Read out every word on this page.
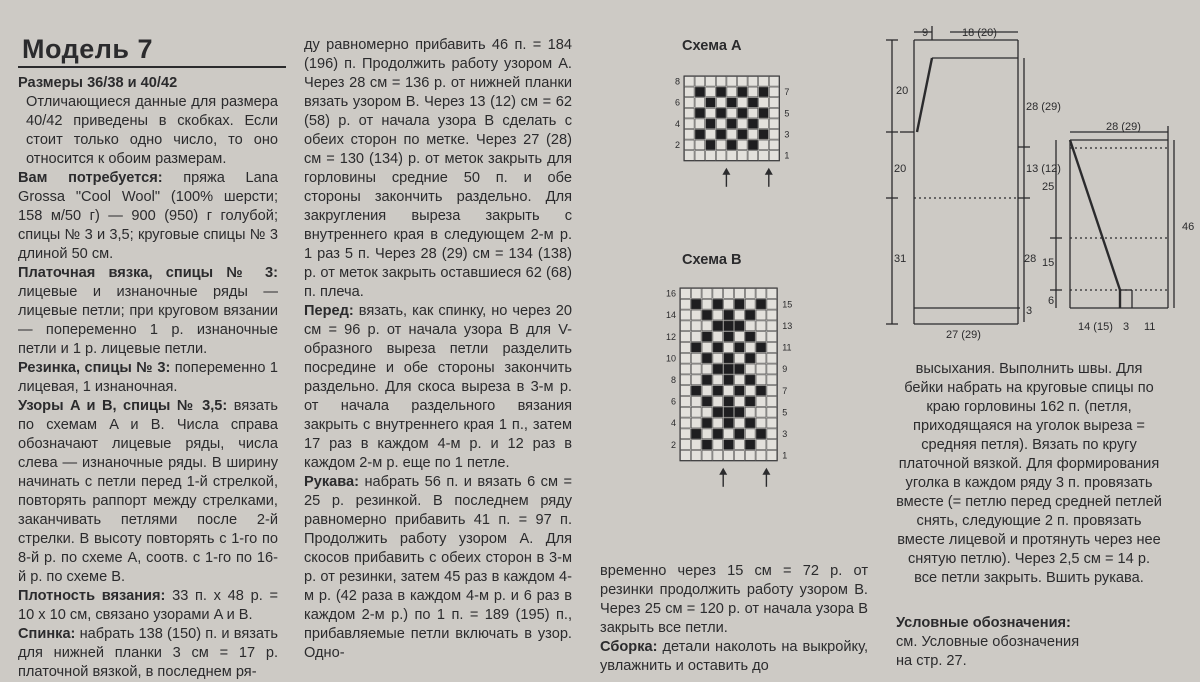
Модель 7

Размеры 36/38 и 40/42

Отличающиеся данные для размера 40/42 приведены в скобках. Если стоит только одно число, то оно относится к обоим размерам.

Вам потребуется: пряжа Lana Grossa "Cool Wool" (100% шерсти; 158 м/50 г) — 900 (950) г голубой; спицы № 3 и 3,5; круговые спицы № 3 длиной 50 см.

Платочная вязка, спицы № 3: лицевые и изнаночные ряды — лицевые петли; при круговом вязании — попеременно 1 р. изнаночные петли и 1 р. лицевые петли.

Резинка, спицы № 3: попеременно 1 лицевая, 1 изнаночная.

Узоры A и B, спицы № 3,5: вязать по схемам A и B. Числа справа обозначают лицевые ряды, числа слева — изнаночные ряды. В ширину начинать с петли перед 1-й стрелкой, повторять раппорт между стрелками, заканчивать петлями после 2-й стрелки. В высоту повторять с 1-го по 8-й р. по схеме A, соотв. с 1-го по 16-й р. по схеме B.

Плотность вязания: 33 п. х 48 р. = 10 х 10 см, связано узорами A и B.

Спинка: набрать 138 (150) п. и вязать для нижней планки 3 см = 17 р. платочной вязкой, в последнем ря-

ду равномерно прибавить 46 п. = 184 (196) п. Продолжить работу узором A. Через 28 см = 136 р. от нижней планки вязать узором B. Через 13 (12) см = 62 (58) р. от начала узора B сделать с обеих сторон по метке. Через 27 (28) см = 130 (134) р. от меток закрыть для горловины средние 50 п. и обе стороны закончить раздельно. Для закругления выреза закрыть с внутреннего края в следующем 2-м р. 1 раз 5 п. Через 28 (29) см = 134 (138) р. от меток закрыть оставшиеся 62 (68) п. плеча.

Перед: вязать, как спинку, но через 20 см = 96 р. от начала узора B для V-образного выреза петли разделить посредине и обе стороны закончить раздельно. Для скоса выреза в 3-м р. от начала раздельного вязания закрыть с внутреннего края 1 п., затем 17 раз в каждом 4-м р. и 12 раз в каждом 2-м р. еще по 1 петле.

Рукава: набрать 56 п. и вязать 6 см = 25 р. резинкой. В последнем ряду равномерно прибавить 41 п. = 97 п. Продолжить работу узором A. Для скосов прибавить с обеих сторон в 3-м р. от резинки, затем 45 раз в каждом 4-м р. (42 раза в каждом 4-м р. и 6 раз в каждом 2-м р.) по 1 п. = 189 (195) п., прибавляемые петли включать в узор. Одно-

Схема A
8
6
4
2
7
5
3
1
Схема B
16
14
12
10
8
6
4
2
15
13
11
9
7
5
3
1

временно через 15 см = 72 р. от резинки продолжить работу узором B. Через 25 см = 120 р. от начала узора B закрыть все петли.

Сборка: детали наколоть на выкройку, увлажнить и оставить до

9	18 (20)
20
20
28 (29)
13 (12)
31	28
3
27 (29)
28 (29)
25
15
6
46
14 (15) 3 11

высыхания. Выполнить швы. Для бейки набрать на круговые спицы по краю горловины 162 п. (петля, приходящаяся на уголок выреза = средняя петля). Вязать по кругу платочной вязкой. Для формирования уголка в каждом ряду 3 п. провязать вместе (= петлю перед средней петлей снять, следующие 2 п. провязать вместе лицевой и протянуть через нее снятую петлю). Через 2,5 см = 14 р. все петли закрыть. Вшить рукава.

Условные обозначения:

см. Условные обозначения на стр. 27.
